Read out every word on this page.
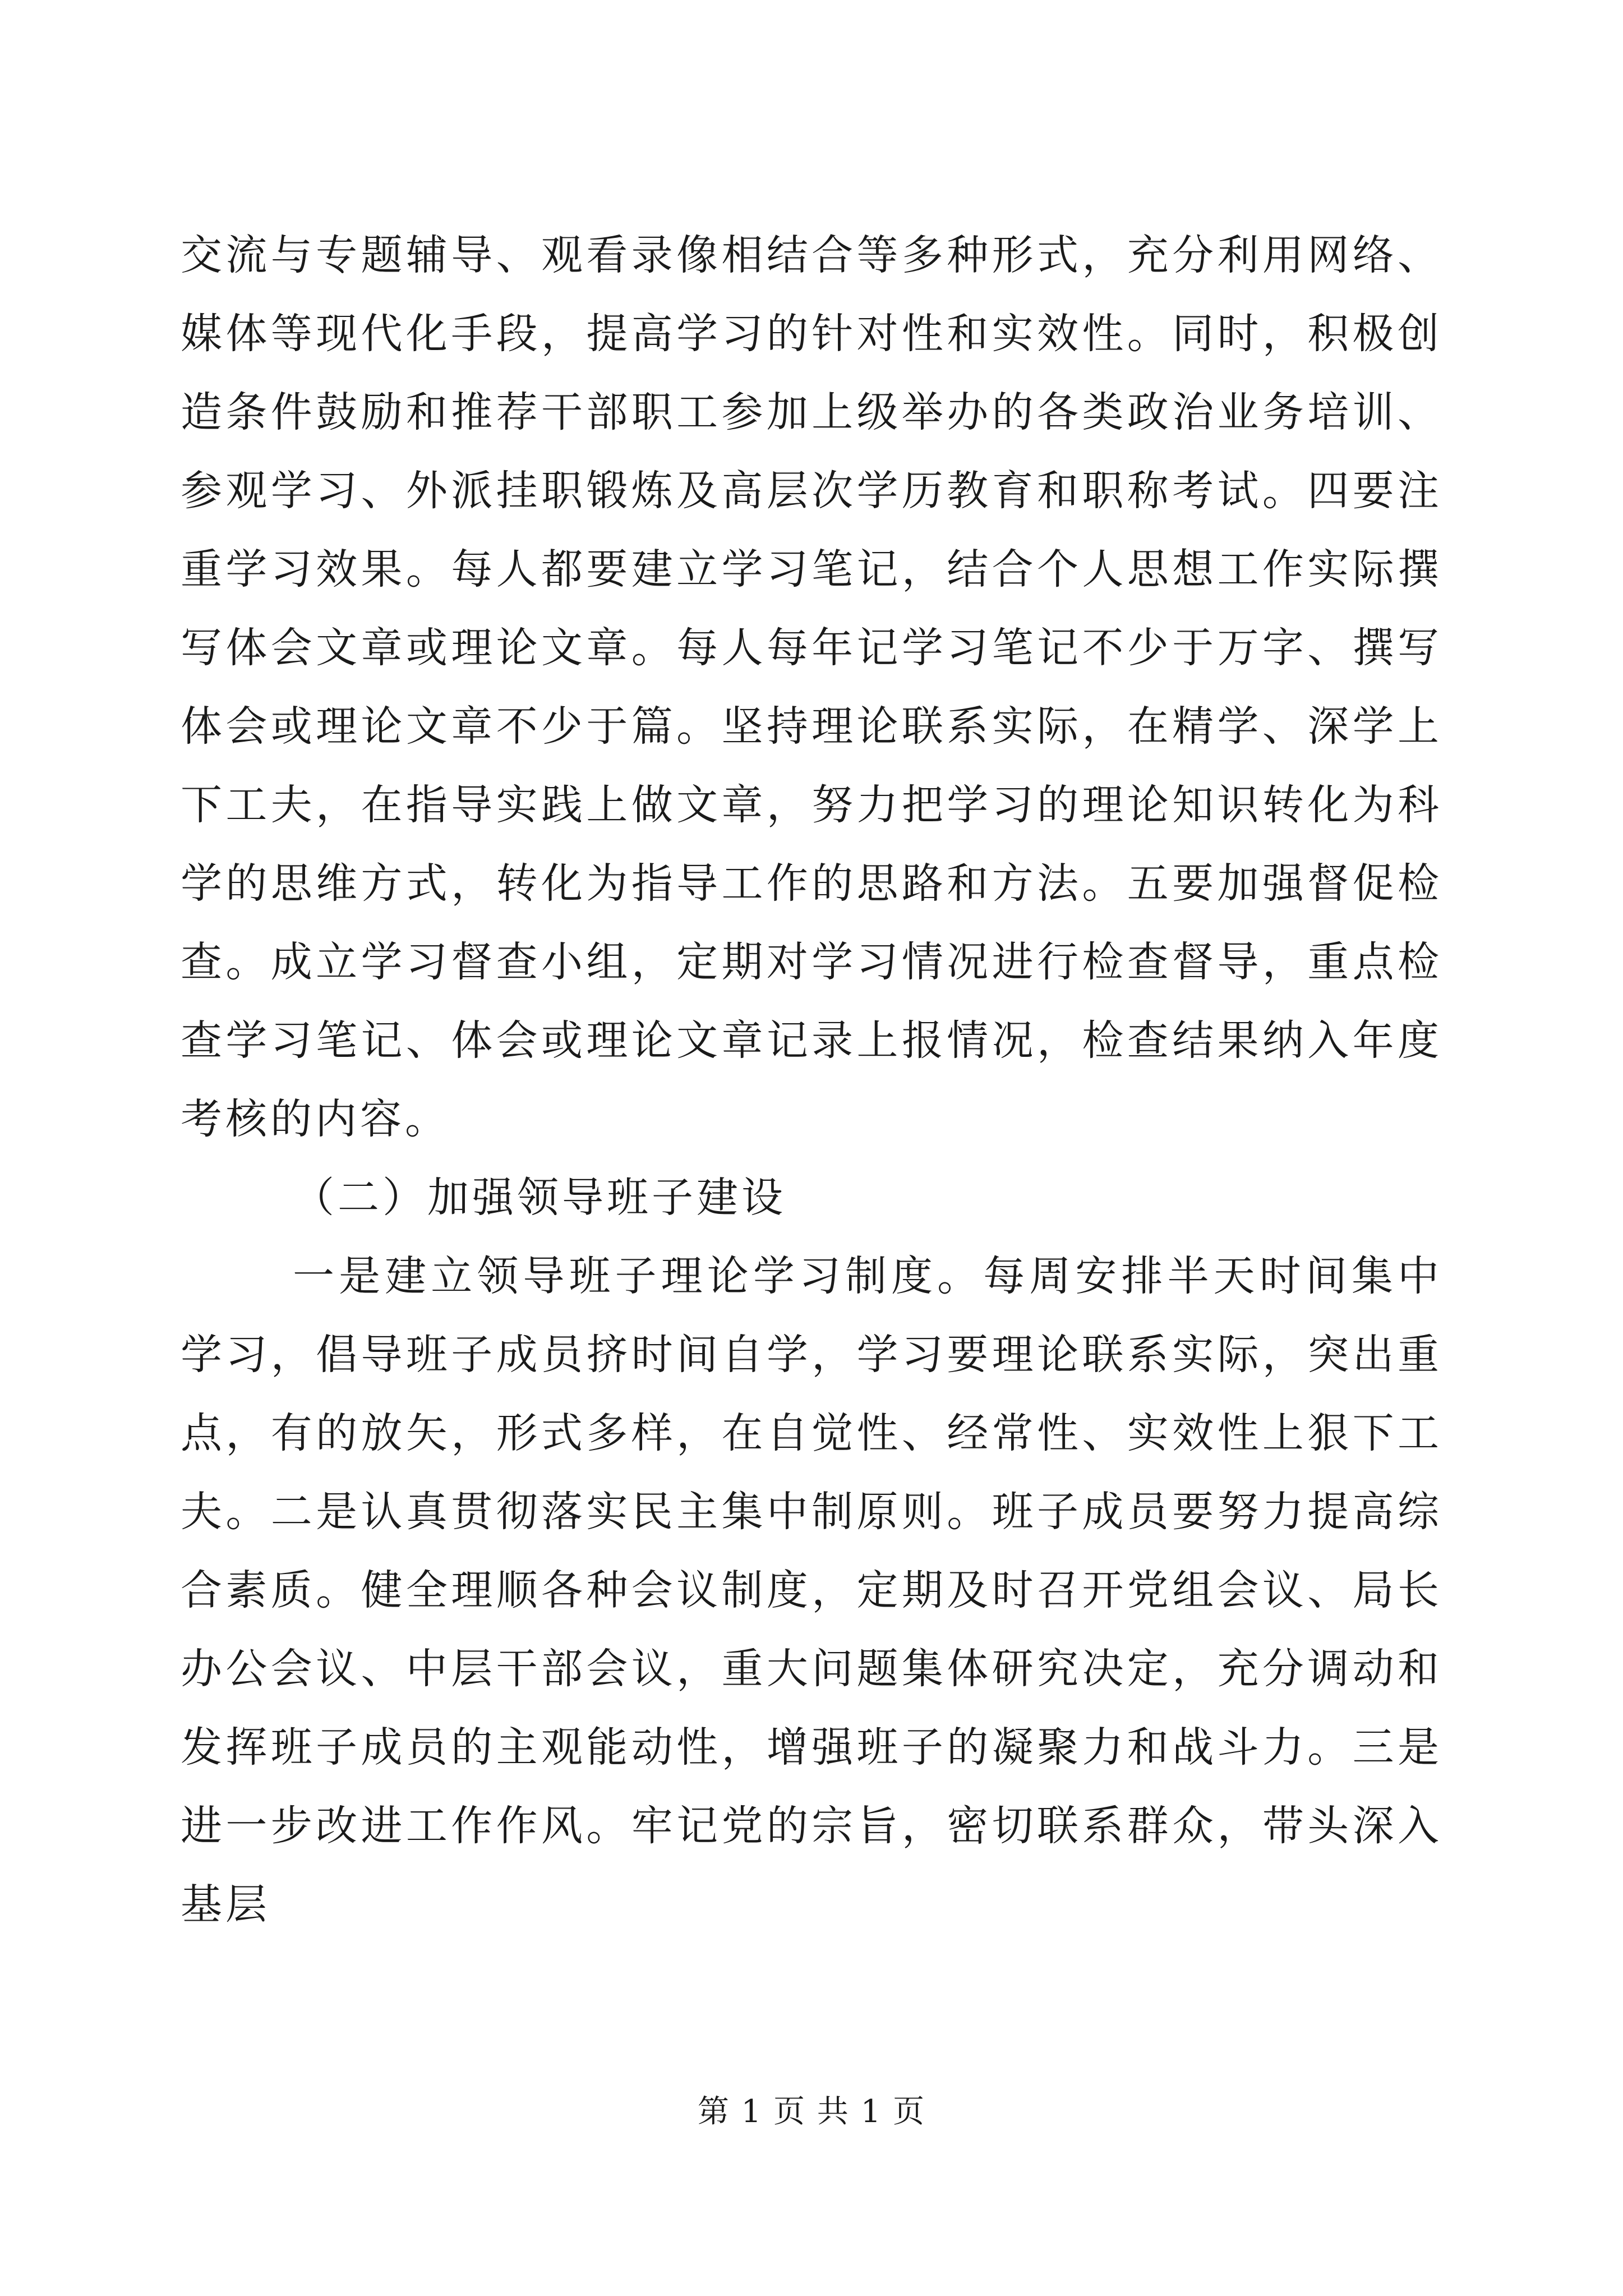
交流与专题辅导、观看录像相结合等多种形式，充分利用网络、媒体等现代化手段，提高学习的针对性和实效性。同时，积极创造条件鼓励和推荐干部职工参加上级举办的各类政治业务培训、参观学习、外派挂职锻炼及高层次学历教育和职称考试。四要注重学习效果。每人都要建立学习笔记，结合个人思想工作实际撰写体会文章或理论文章。每人每年记学习笔记不少于万字、撰写体会或理论文章不少于篇。坚持理论联系实际，在精学、深学上下工夫，在指导实践上做文章，努力把学习的理论知识转化为科学的思维方式，转化为指导工作的思路和方法。五要加强督促检查。成立学习督查小组，定期对学习情况进行检查督导，重点检查学习笔记、体会或理论文章记录上报情况，检查结果纳入年度考核的内容。

（二）加强领导班子建设

一是建立领导班子理论学习制度。每周安排半天时间集中学习，倡导班子成员挤时间自学，学习要理论联系实际，突出重点，有的放矢，形式多样，在自觉性、经常性、实效性上狠下工夫。二是认真贯彻落实民主集中制原则。班子成员要努力提高综合素质。健全理顺各种会议制度，定期及时召开党组会议、局长办公会议、中层干部会议，重大问题集体研究决定，充分调动和发挥班子成员的主观能动性，增强班子的凝聚力和战斗力。三是进一步改进工作作风。牢记党的宗旨，密切联系群众，带头深入基层

第 1 页 共 1 页
